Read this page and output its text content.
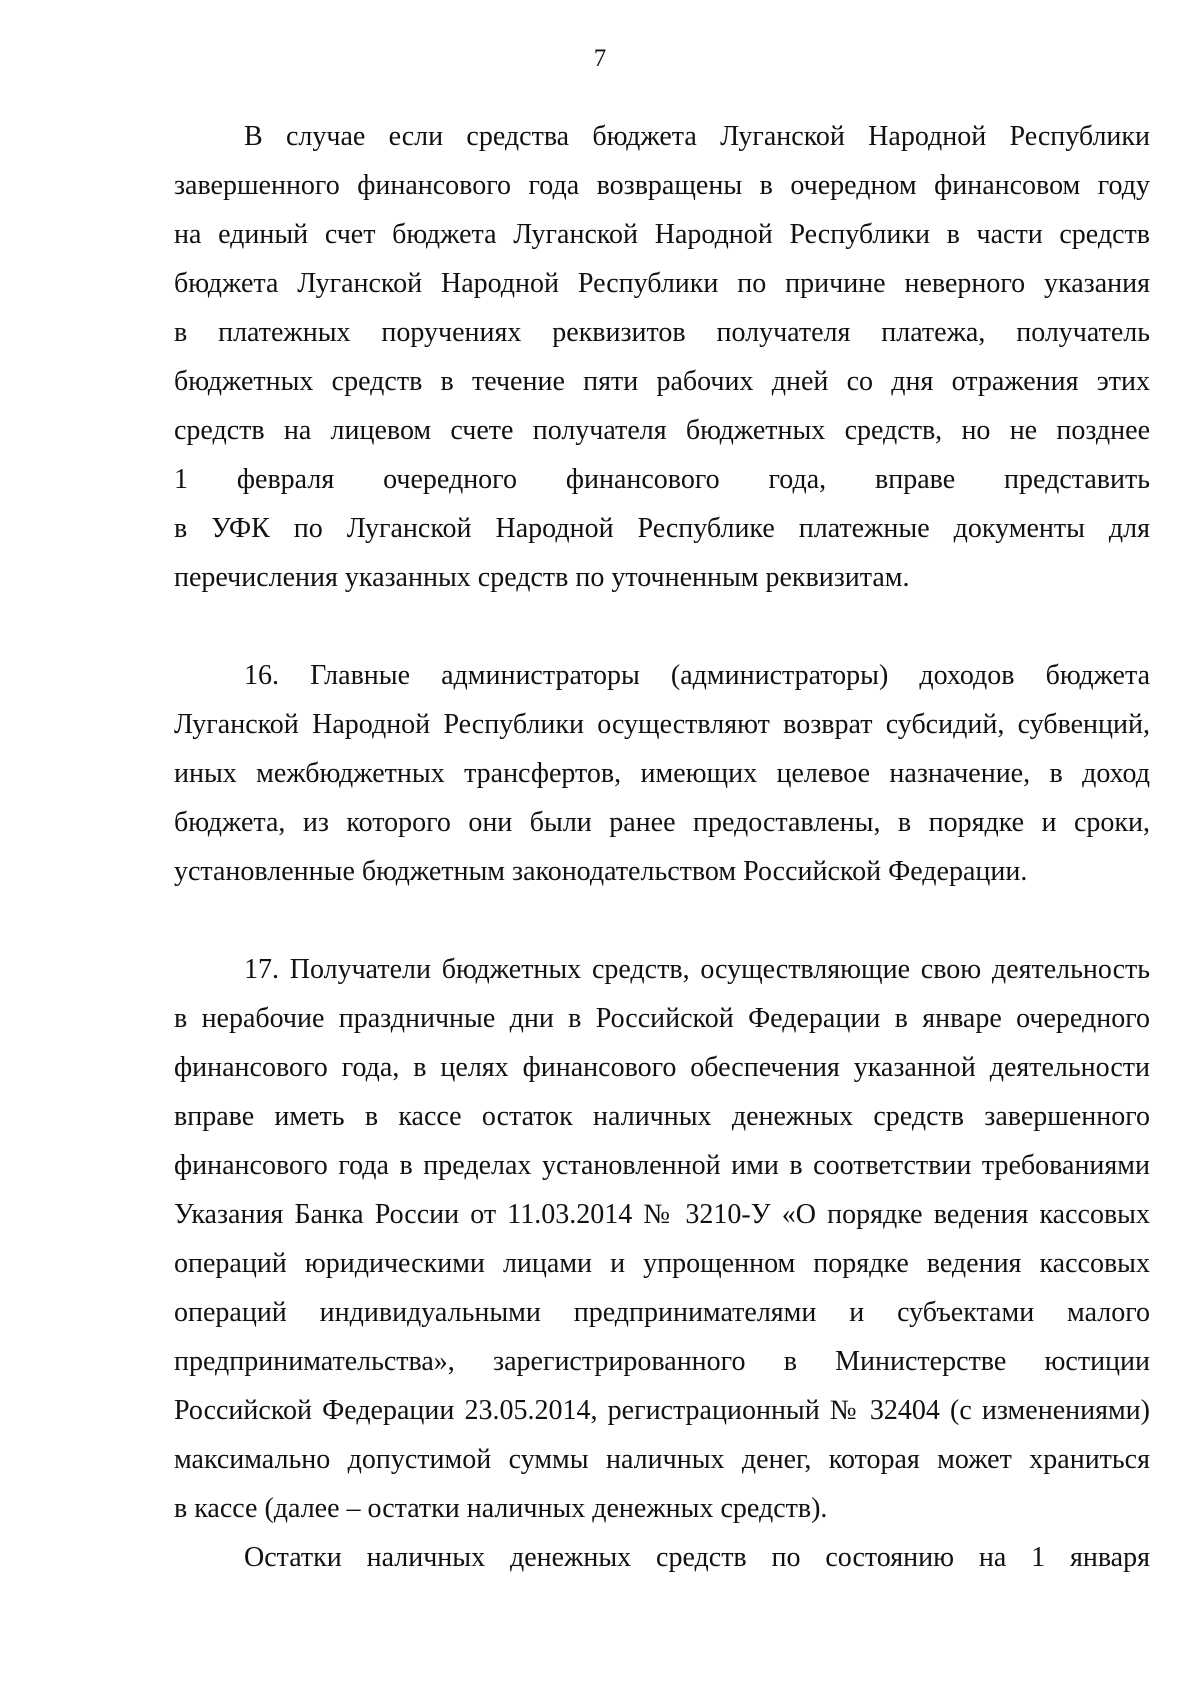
7
В случае если средства бюджета Луганской Народной Республики
завершенного финансового года возвращены в очередном финансовом году
на единый счет бюджета Луганской Народной Республики в части средств
бюджета Луганской Народной Республики по причине неверного указания
в платежных поручениях реквизитов получателя платежа, получатель
бюджетных средств в течение пяти рабочих дней со дня отражения этих
средств на лицевом счете получателя бюджетных средств, но не позднее
1 февраля очередного финансового года, вправе представить
в УФК по Луганской Народной Республике платежные документы для
перечисления указанных средств по уточненным реквизитам.
16. Главные администраторы (администраторы) доходов бюджета
Луганской Народной Республики осуществляют возврат субсидий, субвенций,
иных межбюджетных трансфертов, имеющих целевое назначение, в доход
бюджета, из которого они были ранее предоставлены, в порядке и сроки,
установленные бюджетным законодательством Российской Федерации.
17. Получатели бюджетных средств, осуществляющие свою деятельность
в нерабочие праздничные дни в Российской Федерации в январе очередного
финансового года, в целях финансового обеспечения указанной деятельности
вправе иметь в кассе остаток наличных денежных средств завершенного
финансового года в пределах установленной ими в соответствии требованиями
Указания Банка России от 11.03.2014 № 3210-У «О порядке ведения кассовых
операций юридическими лицами и упрощенном порядке ведения кассовых
операций индивидуальными предпринимателями и субъектами малого
предпринимательства», зарегистрированного в Министерстве юстиции
Российской Федерации 23.05.2014, регистрационный № 32404 (с изменениями)
максимально допустимой суммы наличных денег, которая может храниться
в кассе (далее – остатки наличных денежных средств).
Остатки наличных денежных средств по состоянию на 1 января
